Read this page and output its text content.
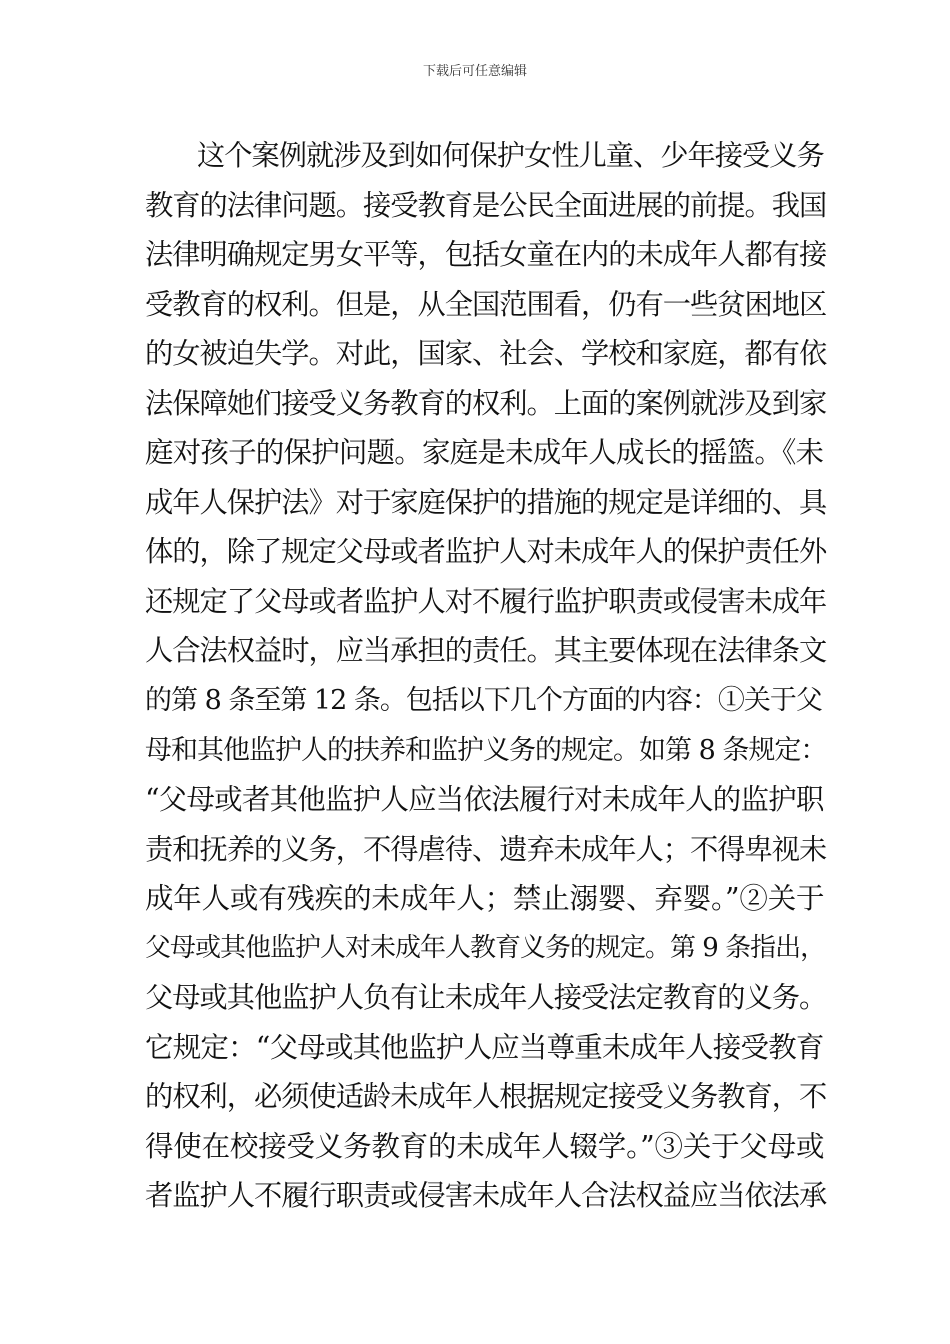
下载后可任意编辑
这个案例就涉及到如何保护女性儿童、少年接受义务
教育的法律问题。接受教育是公民全面进展的前提。我国
法律明确规定男女平等，包括女童在内的未成年人都有接
受教育的权利。但是，从全国范围看，仍有一些贫困地区
的女被迫失学。对此，国家、社会、学校和家庭，都有依
法保障她们接受义务教育的权利。上面的案例就涉及到家
庭对孩子的保护问题。家庭是未成年人成长的摇篮。《未
成年人保护法》对于家庭保护的措施的规定是详细的、具
体的，除了规定父母或者监护人对未成年人的保护责任外
还规定了父母或者监护人对不履行监护职责或侵害未成年
人合法权益时，应当承担的责任。其主要体现在法律条文
的第 8 条至第 12 条。包括以下几个方面的内容：①关于父
母和其他监护人的扶养和监护义务的规定。如第 8 条规定：
“父母或者其他监护人应当依法履行对未成年人的监护职
责和抚养的义务，不得虐待、遗弃未成年人；不得卑视未
成年人或有残疾的未成年人；禁止溺婴、弃婴。”②关于
父母或其他监护人对未成年人教育义务的规定。第 9 条指出，
父母或其他监护人负有让未成年人接受法定教育的义务。
它规定：“父母或其他监护人应当尊重未成年人接受教育
的权利，必须使适龄未成年人根据规定接受义务教育，不
得使在校接受义务教育的未成年人辍学。”③关于父母或
者监护人不履行职责或侵害未成年人合法权益应当依法承
